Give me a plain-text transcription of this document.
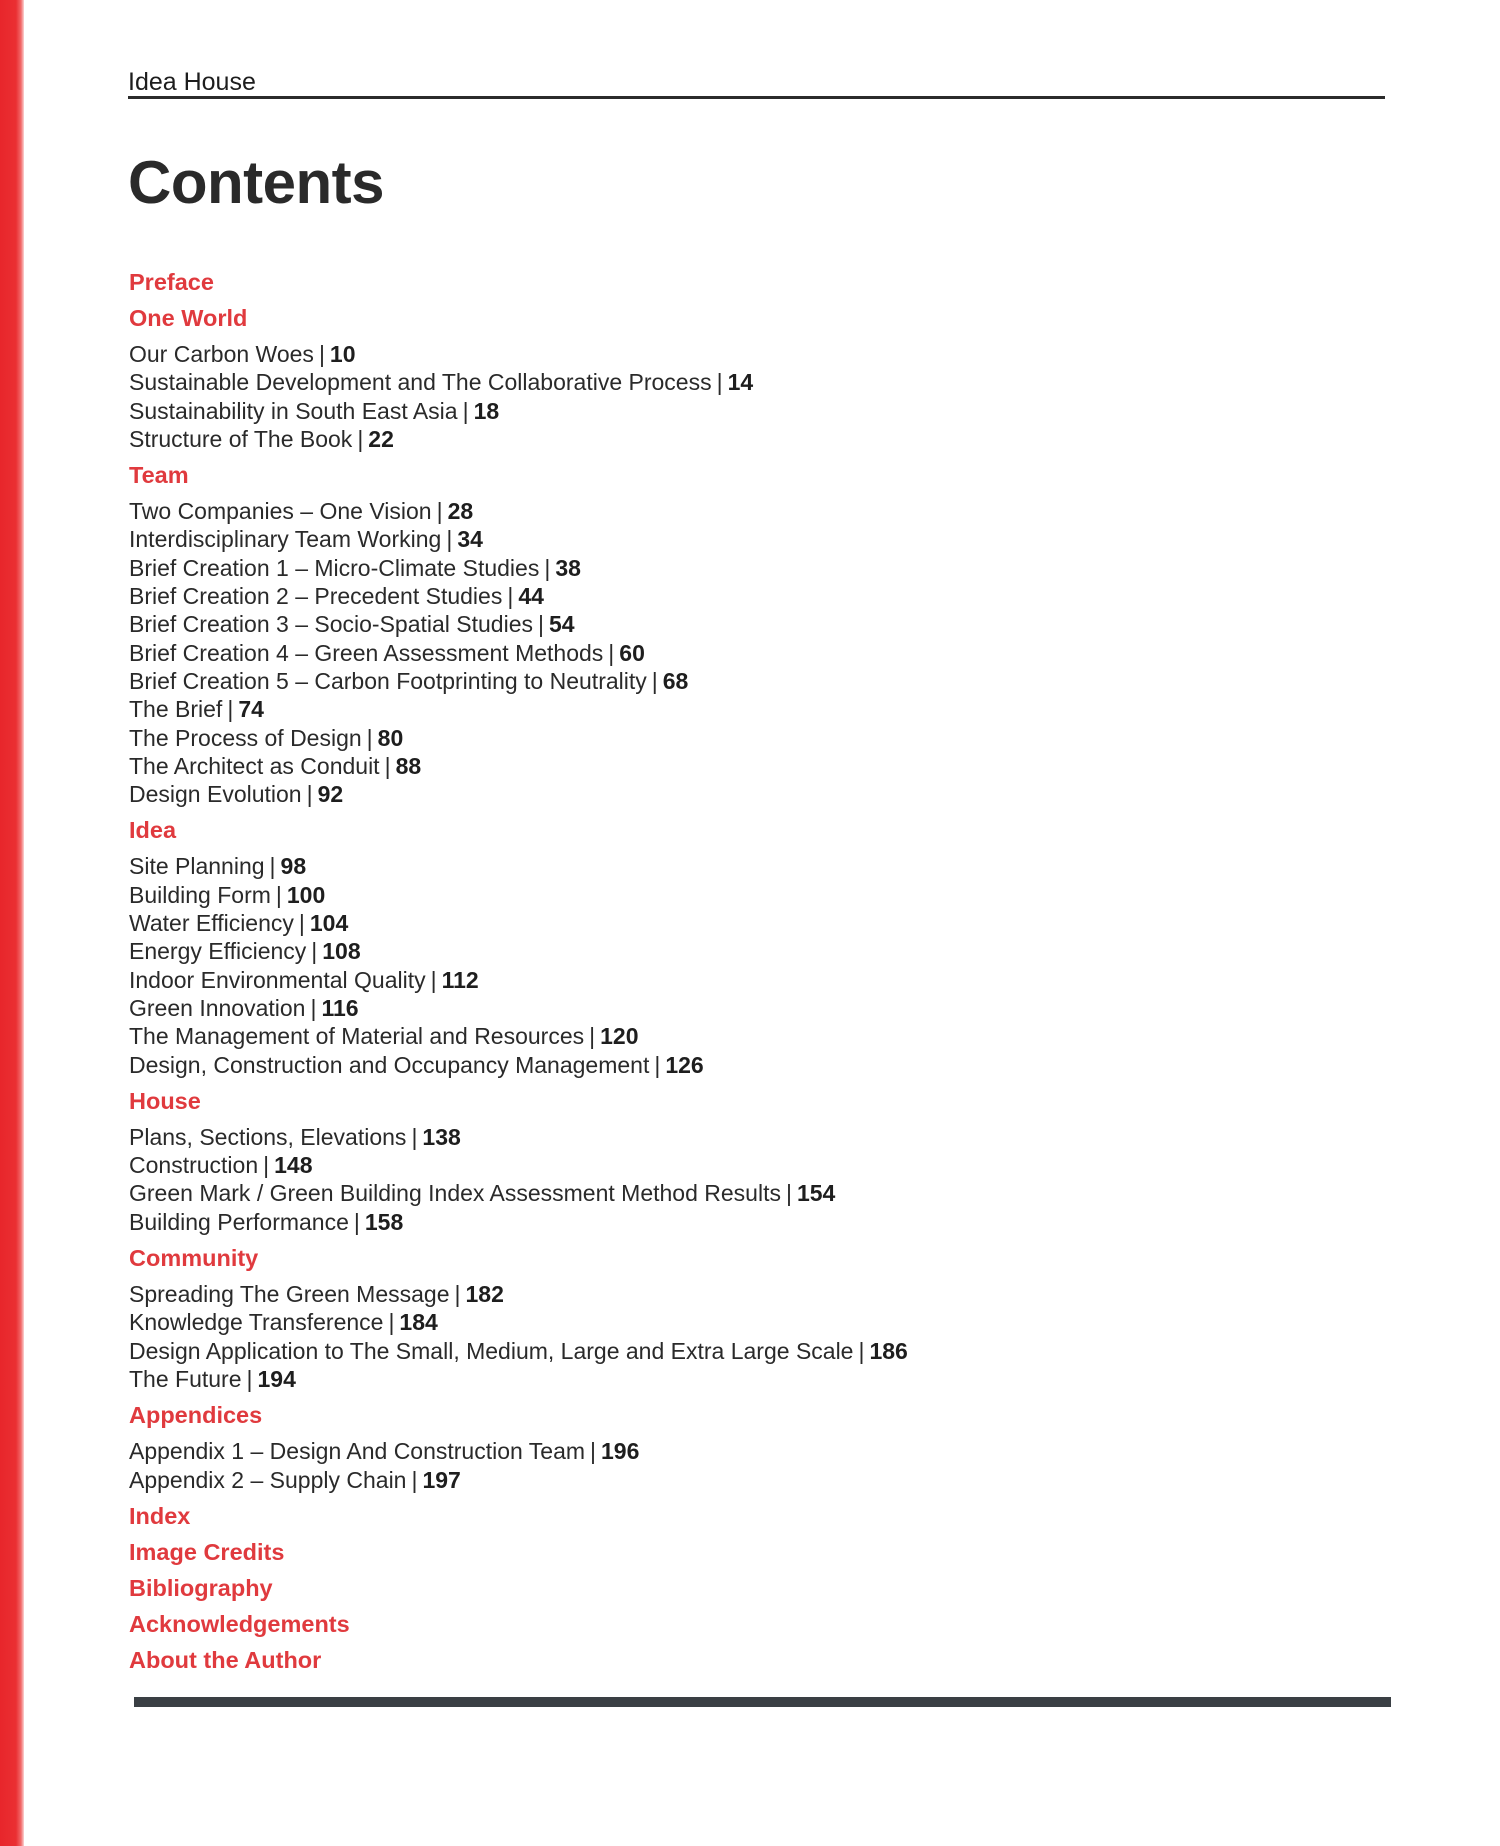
Idea House
Contents
Preface
One World
Our Carbon Woes | 10
Sustainable Development and The Collaborative Process | 14
Sustainability in South East Asia | 18
Structure of The Book | 22
Team
Two Companies – One Vision | 28
Interdisciplinary Team Working | 34
Brief Creation 1 – Micro-Climate Studies | 38
Brief Creation 2 – Precedent Studies | 44
Brief Creation 3 – Socio-Spatial Studies | 54
Brief Creation 4 – Green Assessment Methods | 60
Brief Creation 5 – Carbon Footprinting to Neutrality | 68
The Brief | 74
The Process of Design | 80
The Architect as Conduit | 88
Design Evolution | 92
Idea
Site Planning | 98
Building Form | 100
Water Efficiency | 104
Energy Efficiency | 108
Indoor Environmental Quality | 112
Green Innovation | 116
The Management of Material and Resources | 120
Design, Construction and Occupancy Management | 126
House
Plans, Sections, Elevations | 138
Construction | 148
Green Mark / Green Building Index Assessment Method Results | 154
Building Performance | 158
Community
Spreading The Green Message | 182
Knowledge Transference | 184
Design Application to The Small, Medium, Large and Extra Large Scale | 186
The Future | 194
Appendices
Appendix 1 – Design And Construction Team | 196
Appendix 2 – Supply Chain | 197
Index
Image Credits
Bibliography
Acknowledgements
About the Author
